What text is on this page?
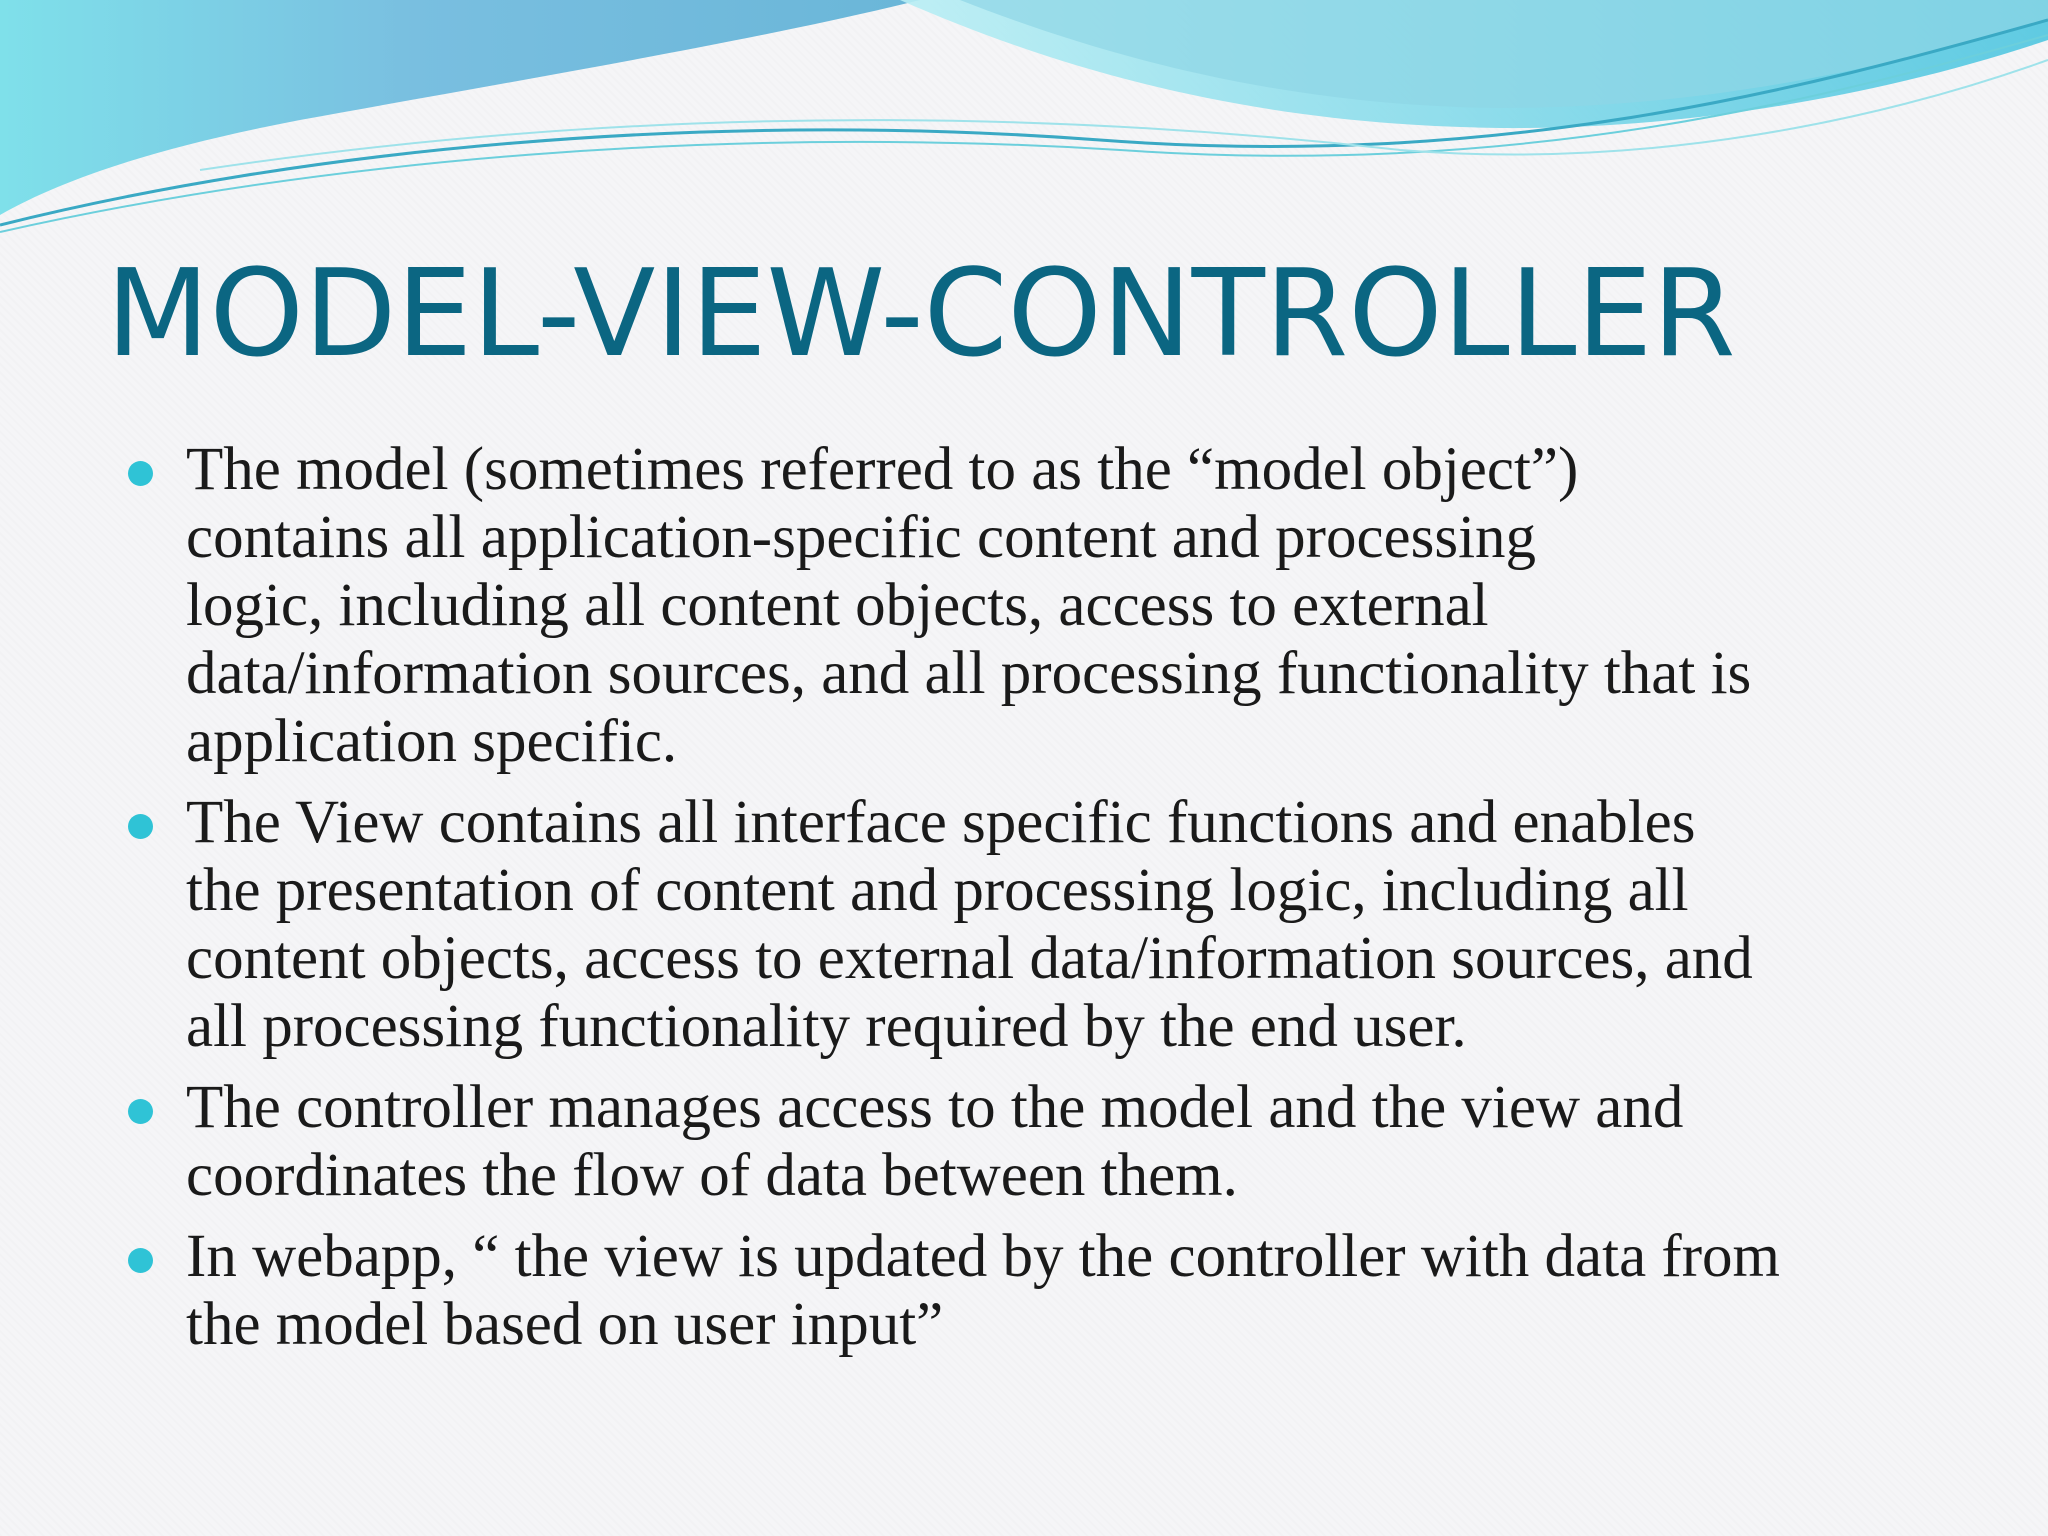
MODEL-VIEW-CONTROLLER
The model (sometimes referred to as the “model object”)
contains all application-specific content and processing
logic, including all content objects, access to external
data/information sources, and all processing functionality that is
application specific.
The View contains all interface specific functions and enables
the presentation of content and processing logic, including all
content objects, access to external data/information sources, and
all processing functionality required by the end user.
The controller manages access to the model and the view and
coordinates the flow of data between them.
In webapp, “ the view is updated by the controller with data from
the model based on user input”
